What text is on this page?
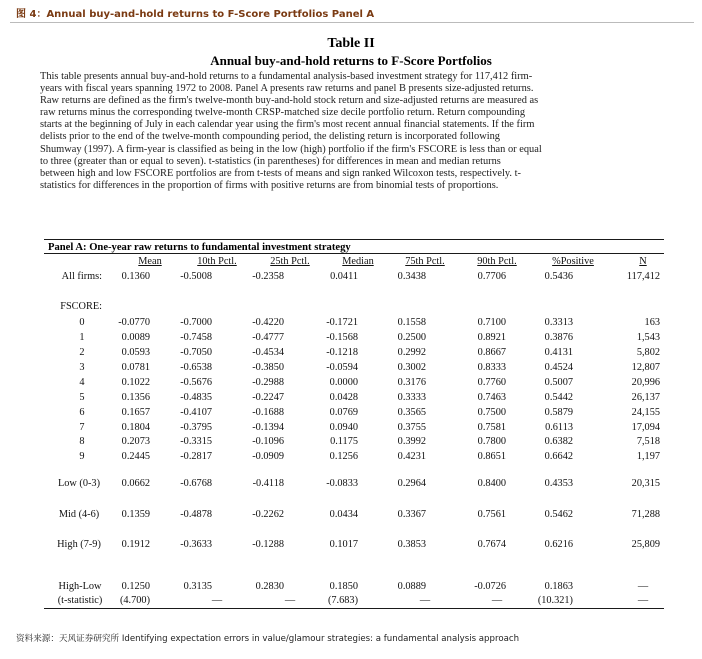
图 4：Annual buy-and-hold returns to F-Score Portfolios Panel A
Table II
Annual buy-and-hold returns to F-Score Portfolios
This table presents annual buy-and-hold returns to a fundamental analysis-based investment strategy for 117,412 firm-
years with fiscal years spanning 1972 to 2008. Panel A presents raw returns and panel B presents size-adjusted returns.
Raw returns are defined as the firm's twelve-month buy-and-hold stock return and size-adjusted returns are measured as
raw returns minus the corresponding twelve-month CRSP-matched size decile portfolio return. Return compounding
starts at the beginning of July in each calendar year using the firm's most recent annual financial statements. If the firm
delists prior to the end of the twelve-month compounding period, the delisting return is incorporated following
Shumway (1997). A firm-year is classified as being in the low (high) portfolio if the firm's FSCORE is less than or equal
to three (greater than or equal to seven). t-statistics (in parentheses) for differences in mean and median returns
between high and low FSCORE portfolios are from t-tests of means and sign ranked Wilcoxon tests, respectively. t-
statistics for differences in the proportion of firms with positive returns are from binomial tests of proportions.
Panel A: One-year raw returns to fundamental investment strategy
Mean	10th Pctl.	25th Pctl.	Median	75th Pctl.	90th Pctl.	%Positive	N
All firms: 0.1360	-0.5008	-0.2358	0.0411	0.3438	0.7706	0.5436	117,412
FSCORE:
0	-0.0770	-0.7000	-0.4220	-0.1721	0.1558	0.7100	0.3313	163
1	0.0089	-0.7458	-0.4777	-0.1568	0.2500	0.8921	0.3876	1,543
2	0.0593	-0.7050	-0.4534	-0.1218	0.2992	0.8667	0.4131	5,802
3	0.0781	-0.6538	-0.3850	-0.0594	0.3002	0.8333	0.4524	12,807
4	0.1022	-0.5676	-0.2988	0.0000	0.3176	0.7760	0.5007	20,996
5	0.1356	-0.4835	-0.2247	0.0428	0.3333	0.7463	0.5442	26,137
6	0.1657	-0.4107	-0.1688	0.0769	0.3565	0.7500	0.5879	24,155
7	0.1804	-0.3795	-0.1394	0.0940	0.3755	0.7581	0.6113	17,094
8	0.2073	-0.3315	-0.1096	0.1175	0.3992	0.7800	0.6382	7,518
9	0.2445	-0.2817	-0.0909	0.1256	0.4231	0.8651	0.6642	1,197
Low (0-3) 0.0662	-0.6768	-0.4118	-0.0833	0.2964	0.8400	0.4353	20,315
Mid (4-6) 0.1359	-0.4878	-0.2262	0.0434	0.3367	0.7561	0.5462	71,288
High (7-9) 0.1912	-0.3633	-0.1288	0.1017	0.3853	0.7674	0.6216	25,809
High-Low 0.1250	0.3135	0.2830	0.1850	0.0889	-0.0726	0.1863	—
(t-statistic) (4.700)	—	—	(7.683)	—	—	(10.321)	—
资料来源：天风证券研究所 Identifying expectation errors in value/glamour strategies: a fundamental analysis approach
